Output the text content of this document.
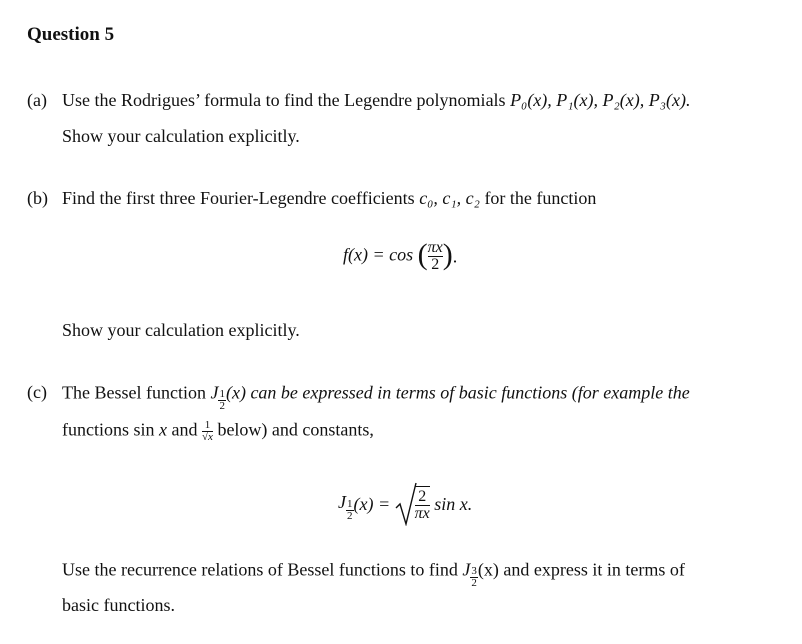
Question 5
(a) Use the Rodrigues’ formula to find the Legendre polynomials P₀(x), P₁(x), P₂(x), P₃(x).
Show your calculation explicitly.
(b) Find the first three Fourier-Legendre coefficients c₀, c₁, c₂ for the function
f(x) = cos ( $\frac{\pi x}{2}$ ).
Show your calculation explicitly.
(c) The Bessel function J $\frac{1}{2} (x)$ can be expressed in terms of basic functions (for example the
functions sin x and $\frac{1}{√x}$ below) and constants,
J $\frac{1}{2} (x) = \frac{2}{\pi x}$ sin x.
Use the recurrence relations of Bessel functions to find J $\frac{3}{2} (x)$ and express it in terms of
basic functions.
